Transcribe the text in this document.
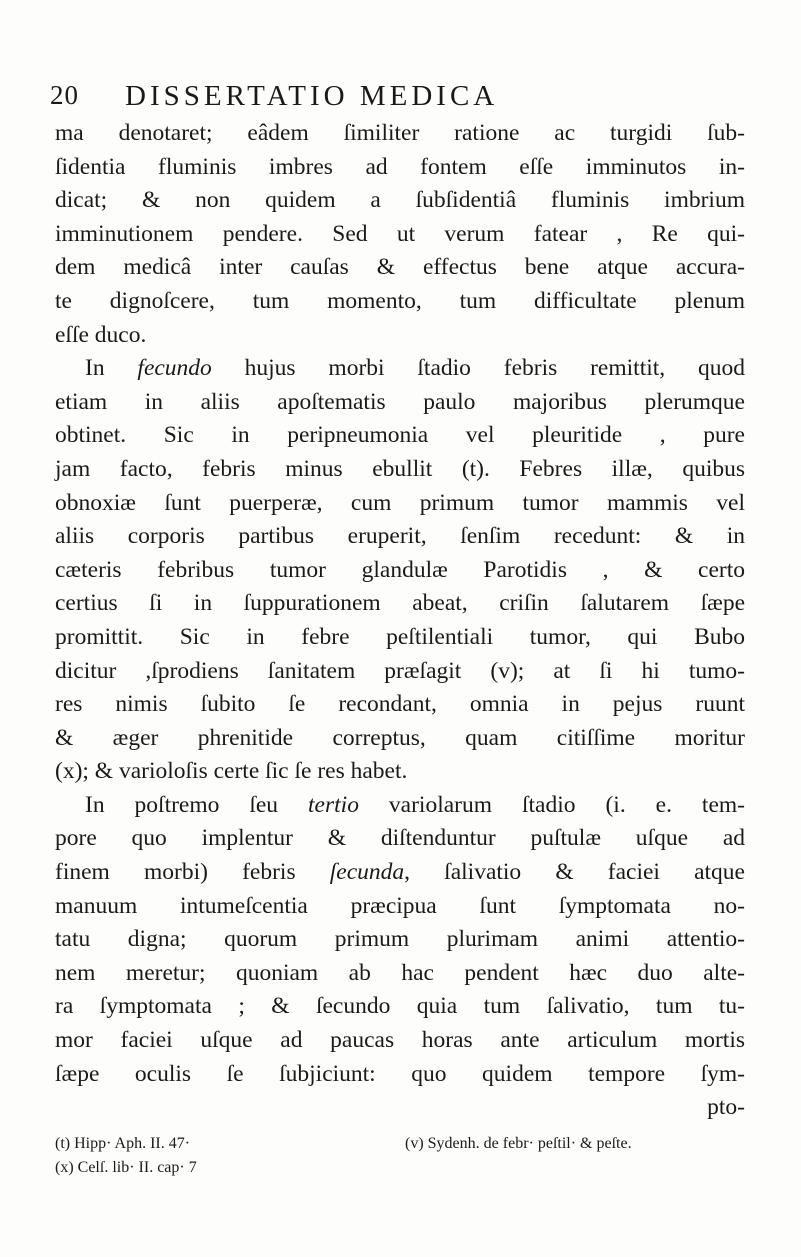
20 DISSERTATIO MEDICA
ma denotaret; eâdem ſimiliter ratione ac turgidi ſub-
ſidentia fluminis imbres ad fontem eſſe imminutos in-
dicat; & non quidem a ſubſidentiâ fluminis imbrium
imminutionem pendere. Sed ut verum fatear , Re qui-
dem medicâ inter cauſas & effectus bene atque accura-
te dignoſcere, tum momento, tum difficultate plenum
eſſe duco.
In fecundo hujus morbi ſtadio febris remittit, quod
etiam in aliis apoſtematis paulo majoribus plerumque
obtinet. Sic in peripneumonia vel pleuritide , pure
jam facto, febris minus ebullit (t). Febres illæ, quibus
obnoxiæ ſunt puerperæ, cum primum tumor mammis vel
aliis corporis partibus eruperit, ſenſim recedunt: & in
cæteris febribus tumor glandulæ Parotidis , & certo
certius ſi in ſuppurationem abeat, criſin ſalutarem ſæpe
promittit. Sic in febre peſtilentiali tumor, qui Bubo
dicitur ,ſprodiens ſanitatem præſagit (v); at ſi hi tumo-
res nimis ſubito ſe recondant, omnia in pejus ruunt
& æger phrenitide correptus, quam citiſſime moritur
(x); & varioloſis certe ſic ſe res habet.
In poſtremo ſeu tertio variolarum ſtadio (i. e. tem-
pore quo implentur & diſtenduntur puſtulæ uſque ad
finem morbi) febris ſecunda, ſalivatio & faciei atque
manuum intumeſcentia præcipua ſunt ſymptomata no-
tatu digna; quorum primum plurimam animi attentio-
nem meretur; quoniam ab hac pendent hæc duo alte-
ra ſymptomata ; & ſecundo quia tum ſalivatio, tum tu-
mor faciei uſque ad paucas horas ante articulum mortis
ſæpe oculis ſe ſubjiciunt: quo quidem tempore ſym-
pto-
(t) Hipp· Aph. II. 47·	(v) Sydenh. de febr· peſtil· & peſte.
(x) Celſ. lib· II. cap· 7
